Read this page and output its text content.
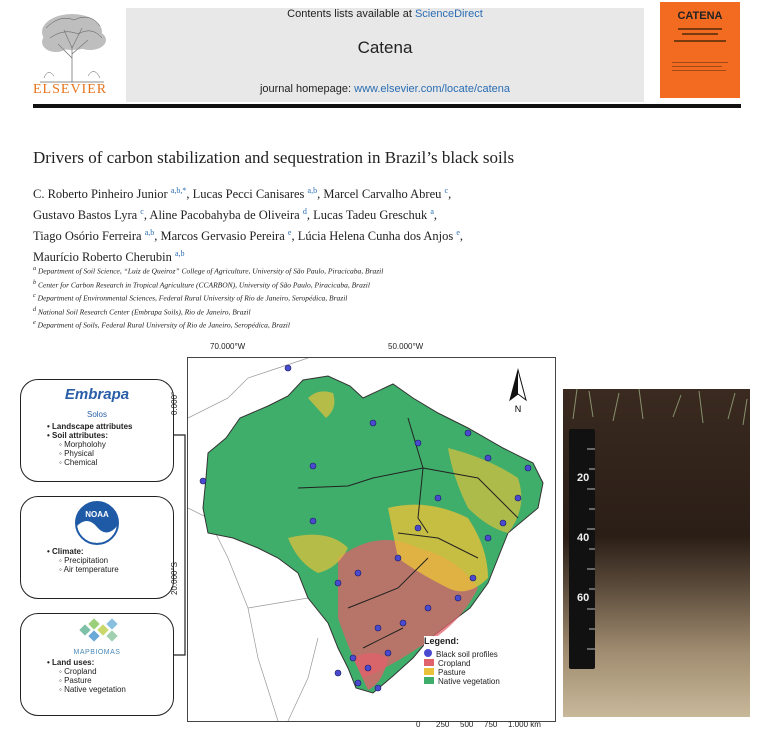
Contents lists available at ScienceDirect
Catena
journal homepage: www.elsevier.com/locate/catena
ELSEVIER
CATENA
Drivers of carbon stabilization and sequestration in Brazil’s black soils
C. Roberto Pinheiro Junior $^{a,b,*}$, Lucas Pecci Canisares $^{a,b}$, Marcel Carvalho Abreu $^c$,
Gustavo Bastos Lyra $^c$, Aline Pacobahyba de Oliveira $^d$, Lucas Tadeu Greschuk $^a$,
Tiago Osório Ferreira $^{a,b}$, Marcos Gervasio Pereira $^e$, Lúcia Helena Cunha dos Anjos $^e$,
Maurício Roberto Cherubin $^{a,b}$
$^a$ Department of Soil Science, “Luiz de Queiroz” College of Agriculture, University of São Paulo, Piracicaba, Brazil
$^b$ Center for Carbon Research in Tropical Agriculture (CCARBON), University of São Paulo, Piracicaba, Brazil
$^c$ Department of Environmental Sciences, Federal Rural University of Rio de Janeiro, Seropédica, Brazil
$^d$ National Soil Research Center (Embrapa Soils), Rio de Janeiro, Brazil
$^e$ Department of Soils, Federal Rural University of Rio de Janeiro, Seropédica, Brazil
Embrapa
Solos
• Landscape attributes
• Soil attributes:
◦ Morpholohy
◦ Physical
◦ Chemical
NOAA
• Climate:
◦ Precipitation
◦ Air temperature
MAPBIOMAS
• Land uses:
◦ Cropland
◦ Pasture
◦ Native vegetation
70.000°W	50.000°W
0.000°
20.000°S
N
Legend:
Black soil profiles
Cropland
Pasture
Native vegetation
0 250 500 750 1.000 km
20
40
60
